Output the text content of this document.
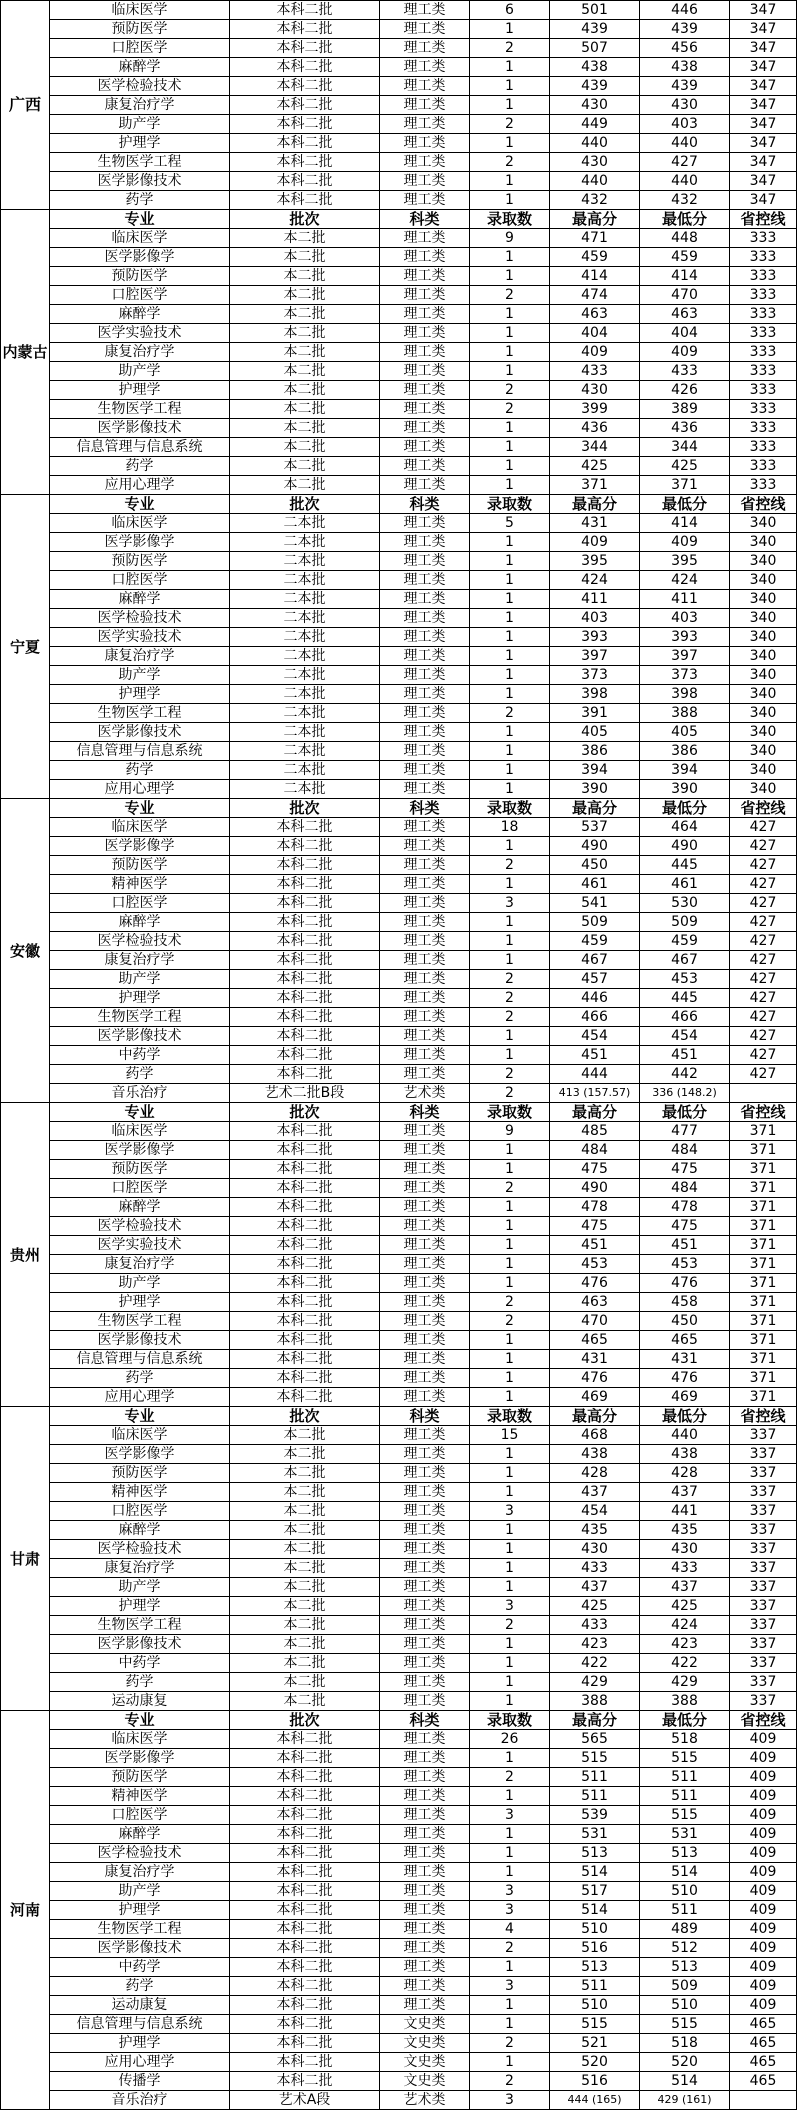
广西	临床医学	本科二批	理工类	6	501	446	347
	预防医学	本科二批	理工类	1	439	439	347
	口腔医学	本科二批	理工类	2	507	456	347
	麻醉学	本科二批	理工类	1	438	438	347
	医学检验技术	本科二批	理工类	1	439	439	347
	康复治疗学	本科二批	理工类	1	430	430	347
	助产学	本科二批	理工类	2	449	403	347
	护理学	本科二批	理工类	1	440	440	347
	生物医学工程	本科二批	理工类	2	430	427	347
	医学影像技术	本科二批	理工类	1	440	440	347
	药学	本科二批	理工类	1	432	432	347
内蒙古	专业	批次	科类	录取数	最高分	最低分	省控线
	临床医学	本二批	理工类	9	471	448	333
	医学影像学	本二批	理工类	1	459	459	333
	预防医学	本二批	理工类	1	414	414	333
	口腔医学	本二批	理工类	2	474	470	333
	麻醉学	本二批	理工类	1	463	463	333
	医学实验技术	本二批	理工类	1	404	404	333
	康复治疗学	本二批	理工类	1	409	409	333
	助产学	本二批	理工类	1	433	433	333
	护理学	本二批	理工类	2	430	426	333
	生物医学工程	本二批	理工类	2	399	389	333
	医学影像技术	本二批	理工类	1	436	436	333
	信息管理与信息系统	本二批	理工类	1	344	344	333
	药学	本二批	理工类	1	425	425	333
	应用心理学	本二批	理工类	1	371	371	333
宁夏	专业	批次	科类	录取数	最高分	最低分	省控线
	临床医学	二本批	理工类	5	431	414	340
	医学影像学	二本批	理工类	1	409	409	340
	预防医学	二本批	理工类	1	395	395	340
	口腔医学	二本批	理工类	1	424	424	340
	麻醉学	二本批	理工类	1	411	411	340
	医学检验技术	二本批	理工类	1	403	403	340
	医学实验技术	二本批	理工类	1	393	393	340
	康复治疗学	二本批	理工类	1	397	397	340
	助产学	二本批	理工类	1	373	373	340
	护理学	二本批	理工类	1	398	398	340
	生物医学工程	二本批	理工类	2	391	388	340
	医学影像技术	二本批	理工类	1	405	405	340
	信息管理与信息系统	二本批	理工类	1	386	386	340
	药学	二本批	理工类	1	394	394	340
	应用心理学	二本批	理工类	1	390	390	340
安徽	专业	批次	科类	录取数	最高分	最低分	省控线
	临床医学	本科二批	理工类	18	537	464	427
	医学影像学	本科二批	理工类	1	490	490	427
	预防医学	本科二批	理工类	2	450	445	427
	精神医学	本科二批	理工类	1	461	461	427
	口腔医学	本科二批	理工类	3	541	530	427
	麻醉学	本科二批	理工类	1	509	509	427
	医学检验技术	本科二批	理工类	1	459	459	427
	康复治疗学	本科二批	理工类	1	467	467	427
	助产学	本科二批	理工类	2	457	453	427
	护理学	本科二批	理工类	2	446	445	427
	生物医学工程	本科二批	理工类	2	466	466	427
	医学影像技术	本科二批	理工类	1	454	454	427
	中药学	本科二批	理工类	1	451	451	427
	药学	本科二批	理工类	2	444	442	427
	音乐治疗	艺术二批B段	艺术类	2	413 (157.57)	336 (148.2)	
贵州	专业	批次	科类	录取数	最高分	最低分	省控线
	临床医学	本科二批	理工类	9	485	477	371
	医学影像学	本科二批	理工类	1	484	484	371
	预防医学	本科二批	理工类	1	475	475	371
	口腔医学	本科二批	理工类	2	490	484	371
	麻醉学	本科二批	理工类	1	478	478	371
	医学检验技术	本科二批	理工类	1	475	475	371
	医学实验技术	本科二批	理工类	1	451	451	371
	康复治疗学	本科二批	理工类	1	453	453	371
	助产学	本科二批	理工类	1	476	476	371
	护理学	本科二批	理工类	2	463	458	371
	生物医学工程	本科二批	理工类	2	470	450	371
	医学影像技术	本科二批	理工类	1	465	465	371
	信息管理与信息系统	本科二批	理工类	1	431	431	371
	药学	本科二批	理工类	1	476	476	371
	应用心理学	本科二批	理工类	1	469	469	371
甘肃	专业	批次	科类	录取数	最高分	最低分	省控线
	临床医学	本二批	理工类	15	468	440	337
	医学影像学	本二批	理工类	1	438	438	337
	预防医学	本二批	理工类	1	428	428	337
	精神医学	本二批	理工类	1	437	437	337
	口腔医学	本二批	理工类	3	454	441	337
	麻醉学	本二批	理工类	1	435	435	337
	医学检验技术	本二批	理工类	1	430	430	337
	康复治疗学	本二批	理工类	1	433	433	337
	助产学	本二批	理工类	1	437	437	337
	护理学	本二批	理工类	3	425	425	337
	生物医学工程	本二批	理工类	2	433	424	337
	医学影像技术	本二批	理工类	1	423	423	337
	中药学	本二批	理工类	1	422	422	337
	药学	本二批	理工类	1	429	429	337
	运动康复	本二批	理工类	1	388	388	337
河南	专业	批次	科类	录取数	最高分	最低分	省控线
	临床医学	本科二批	理工类	26	565	518	409
	医学影像学	本科二批	理工类	1	515	515	409
	预防医学	本科二批	理工类	2	511	511	409
	精神医学	本科二批	理工类	1	511	511	409
	口腔医学	本科二批	理工类	3	539	515	409
	麻醉学	本科二批	理工类	1	531	531	409
	医学检验技术	本科二批	理工类	1	513	513	409
	康复治疗学	本科二批	理工类	1	514	514	409
	助产学	本科二批	理工类	3	517	510	409
	护理学	本科二批	理工类	3	514	511	409
	生物医学工程	本科二批	理工类	4	510	489	409
	医学影像技术	本科二批	理工类	2	516	512	409
	中药学	本科二批	理工类	1	513	513	409
	药学	本科二批	理工类	3	511	509	409
	运动康复	本科二批	理工类	1	510	510	409
	信息管理与信息系统	本科二批	文史类	1	515	515	465
	护理学	本科二批	文史类	2	521	518	465
	应用心理学	本科二批	文史类	1	520	520	465
	传播学	本科二批	文史类	2	516	514	465
	音乐治疗	艺术A段	艺术类	3	444 (165)	429 (161)	
